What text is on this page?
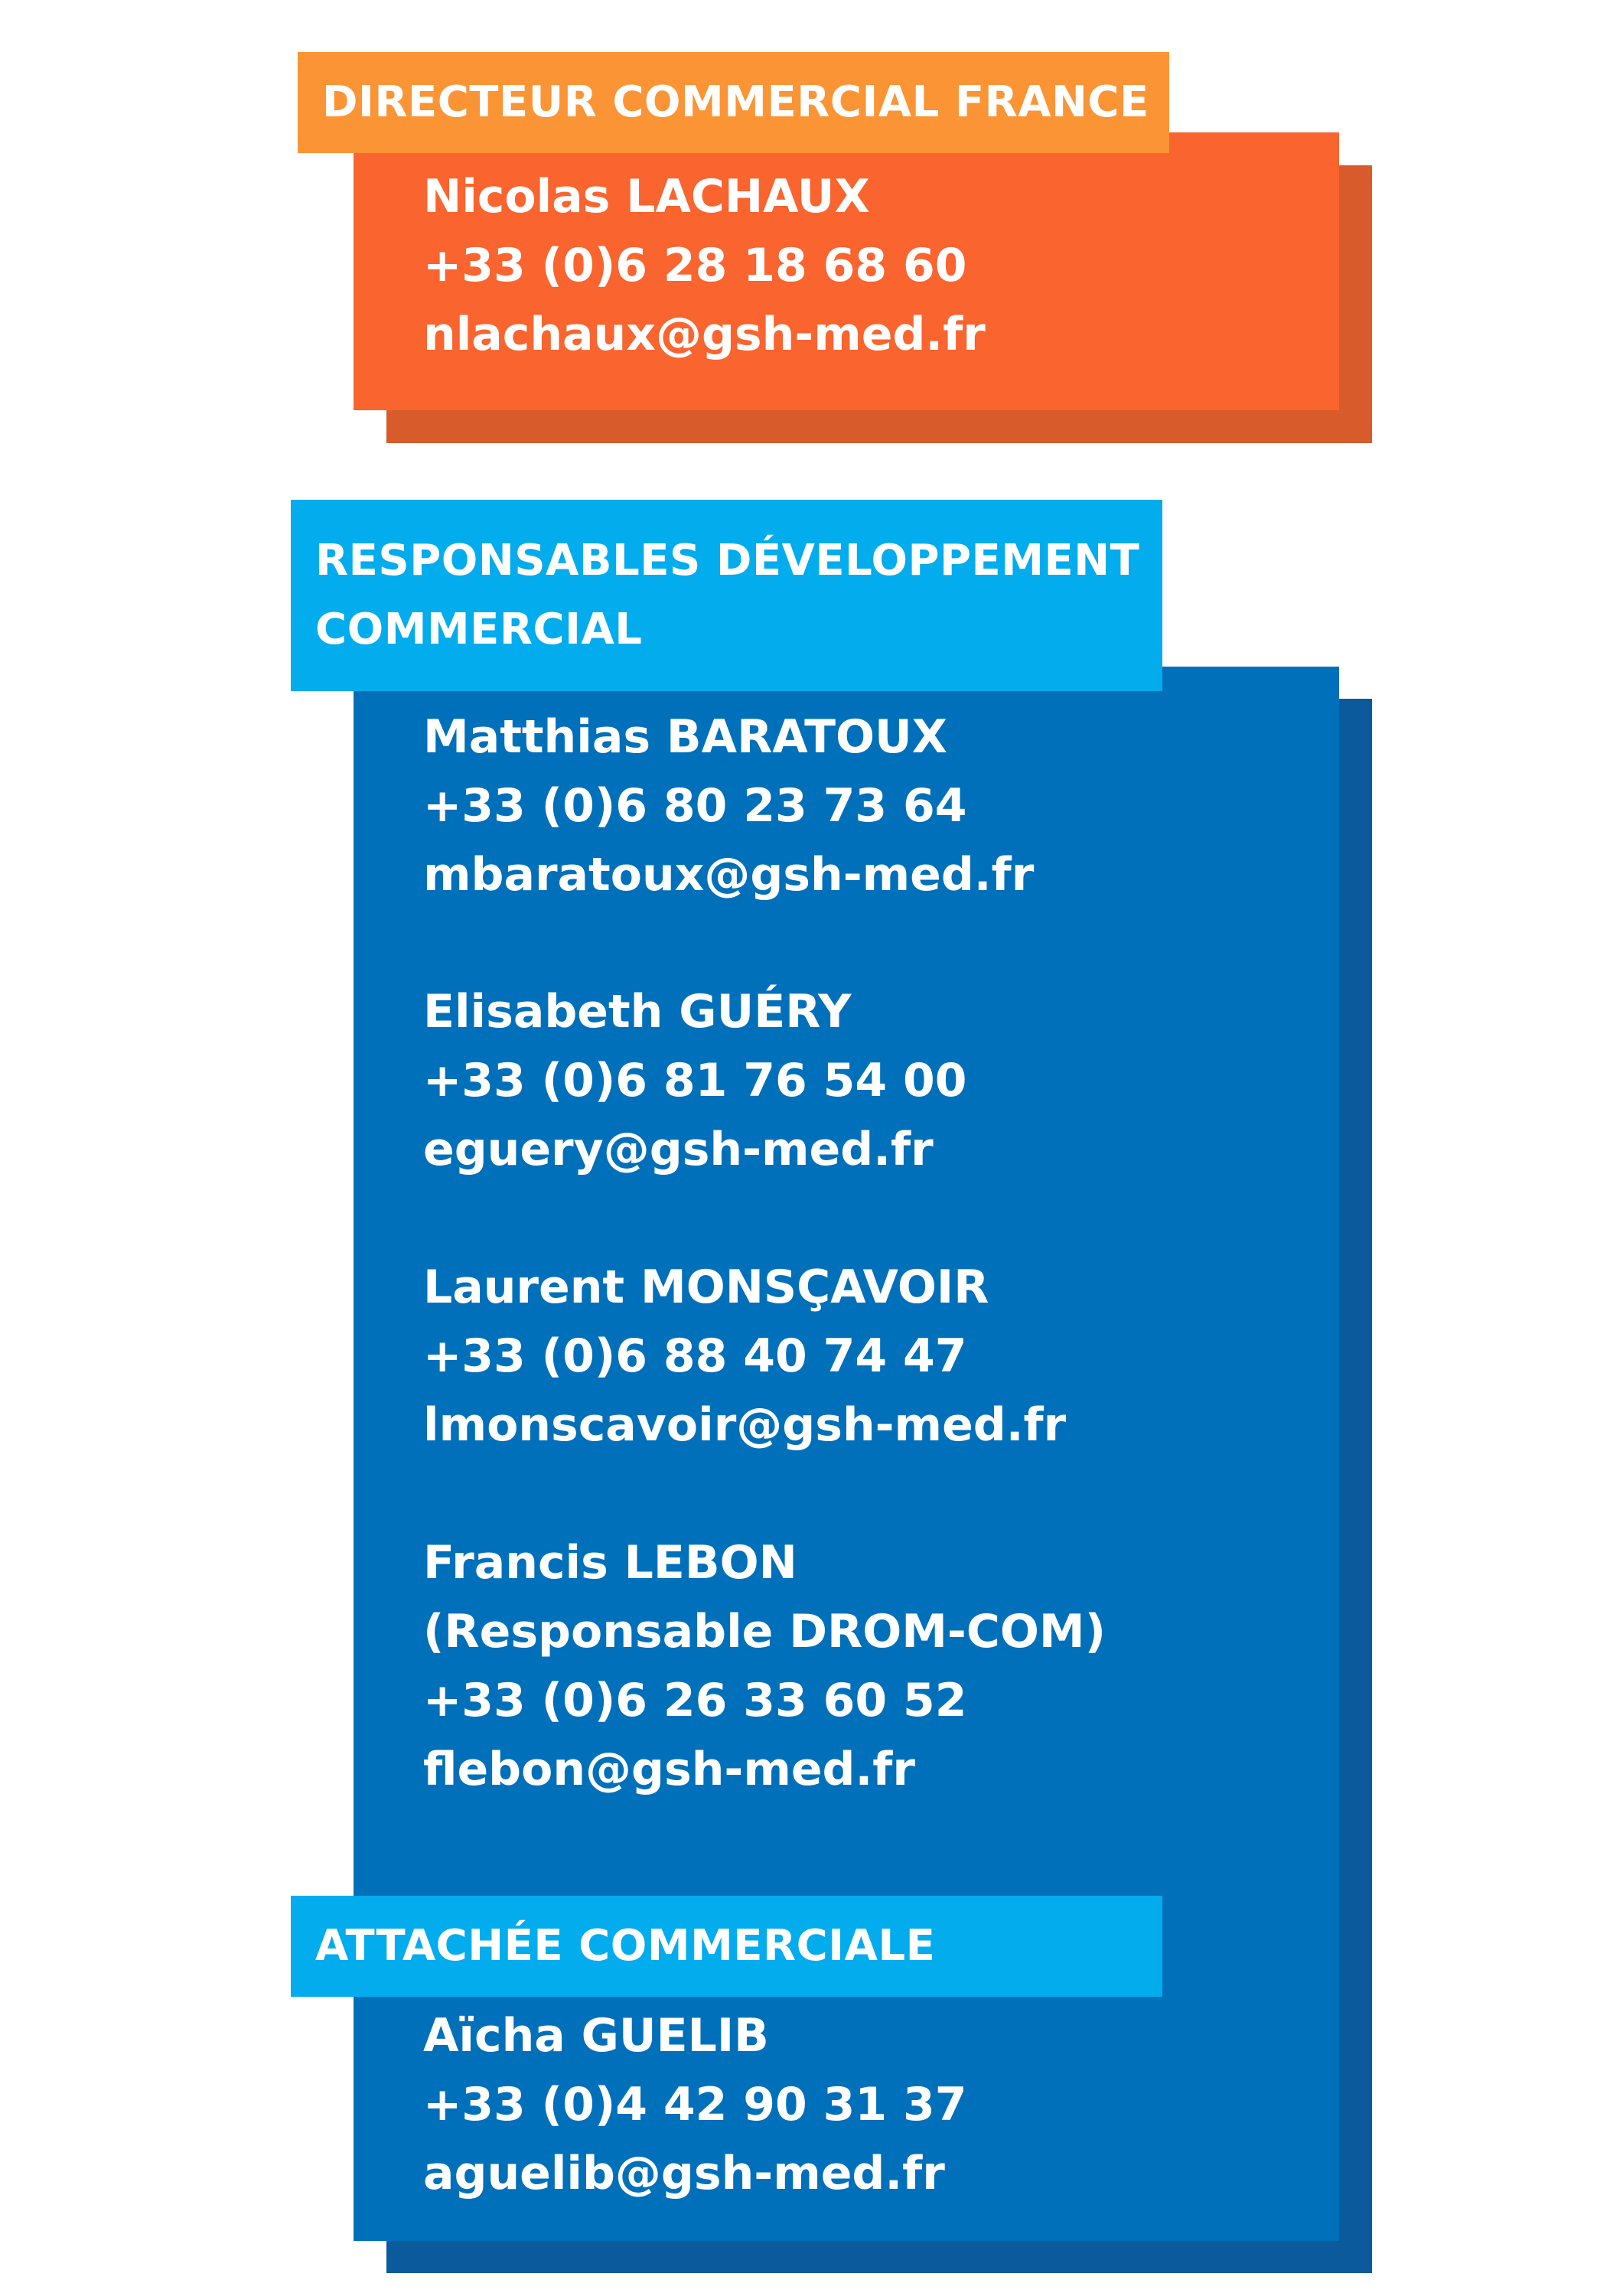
DIRECTEUR COMMERCIAL FRANCE
Nicolas LACHAUX
+33 (0)6 28 18 68 60
nlachaux@gsh-med.fr
RESPONSABLES DÉVELOPPEMENT
COMMERCIAL
Matthias BARATOUX
+33 (0)6 80 23 73 64
mbaratoux@gsh-med.fr
Elisabeth GUÉRY
+33 (0)6 81 76 54 00
eguery@gsh-med.fr
Laurent MONSÇAVOIR
+33 (0)6 88 40 74 47
lmonscavoir@gsh-med.fr
Francis LEBON
(Responsable DROM-COM)
+33 (0)6 26 33 60 52
flebon@gsh-med.fr
ATTACHÉE COMMERCIALE
Aïcha GUELIB
+33 (0)4 42 90 31 37
aguelib@gsh-med.fr
